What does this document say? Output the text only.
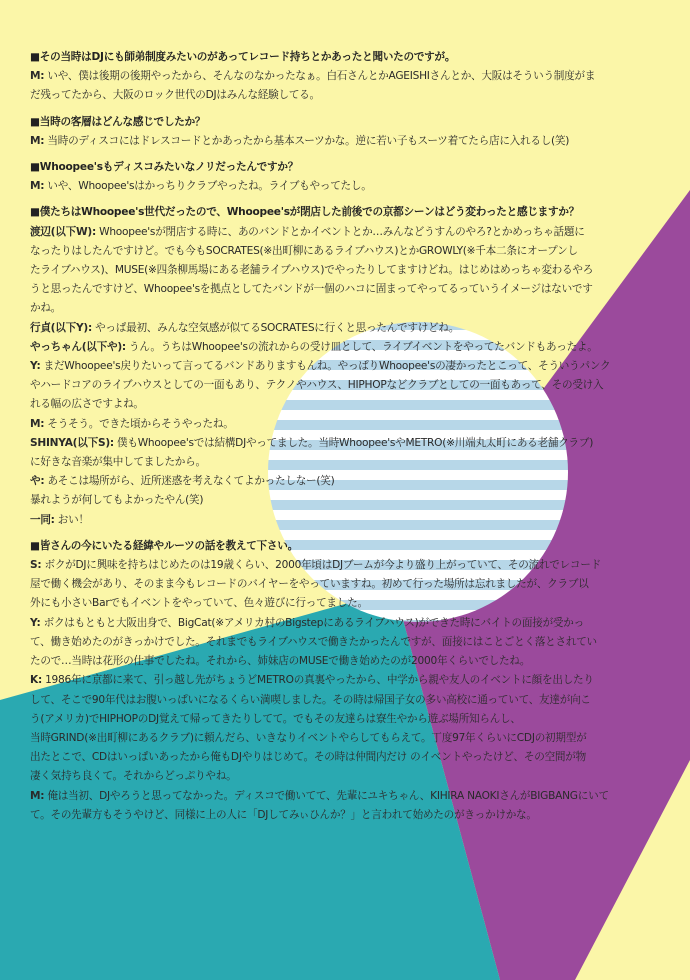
■ その当時はDJにも師弟制度みたいのがあってレコード持ちとかあったと聞いたのですが。

M: いや、僕は後期の後期やったから、そんなのなかったなぁ。白石さんとかAGEISHIさんとか、大阪はそういう制度がま

だ残ってたから、大阪のロック世代のDJはみんな経験してる。

■ 当時の客層はどんな感じでしたか？

M: 当時のディスコにはドレスコードとかあったから基本スーツかな。逆に若い子もスーツ着てたら店に入れるし(笑)

■ Whoopee'sもディスコみたいなノリだったんですか？

M: いや、Whoopee'sはかっちりクラブやったね。ライブもやってたし。

■ 僕たちはWhoopee's世代だったので、Whoopee'sが閉店した前後での京都シーンはどう変わったと感じますか？

渡辺(以下W): Whoopee'sが閉店する時に、あのバンドとかイベントとか…みんなどうすんのやろ?とかめっちゃ話題に

なったりはしたんですけど。でも今もSOCRATES(※出町柳にあるライブハウス)とかGROWLY(※千本二条にオープンし

たライブハウス)、MUSE(※四条柳馬場にある老舗ライブハウス)でやったりしてますけどね。はじめはめっちゃ変わるやろ

うと思ったんですけど、Whoopee'sを拠点としてたバンドが一個のハコに固まってやってるっていうイメージはないです

かね。

行貞(以下Y): やっぱ最初、みんな空気感が似てるSOCRATESに行くと思ったんですけどね。

やっちゃん(以下や): うん。うちはWhoopee'sの流れからの受け皿として、ライブイベントをやってたバンドもあったよ。

Y: まだWhoopee's戻りたいって言ってるバンドありますもんね。やっぱりWhoopee'sの凄かったとこって、そういうパンク

やハードコアのライブハウスとしての一面もあり、テクノやハウス、HIPHOPなどクラブとしての一面もあって、その受け入

れる幅の広さですよね。

M: そうそう。できた頃からそうやったね。

SHINYA(以下S): 僕もWhoopee'sでは結構DJやってました。当時Whoopee'sやMETRO(※川端丸太町にある老舗クラブ)

に好きな音楽が集中してましたから。

や: あそこは場所がら、近所迷惑を考えなくてよかったしなー(笑)

暴れようが何してもよかったやん(笑)

一同: おい！

■ 皆さんの今にいたる経緯やルーツの話を教えて下さい。

S: ボクがDJに興味を持ちはじめたのは19歳くらい、2000年頃はDJブームが今より盛り上がっていて、その流れでレコード

屋で働く機会があり、そのまま今もレコードのバイヤーをやっていますね。初めて行った場所は忘れましたが、クラブ以

外にも小さいBarでもイベントをやっていて、色々遊びに行ってました。

Y: ボクはもともと大阪出身で、BigCat(※アメリカ村のBigstepにあるライブハウス)ができた時にバイトの面接が受かっ

て、働き始めたのがきっかけでした。それまでもライブハウスで働きたかったんですが、面接にはことごとく落とされてい

たので…当時は花形の仕事でしたね。それから、姉妹店のMUSEで働き始めたのが2000年くらいでしたね。

K: 1986年に京都に来て、引っ越し先がちょうどMETROの真裏やったから、中学から親や友人のイベントに顔を出したり

して、そこで90年代はお腹いっぱいになるくらい満喫しました。その時は帰国子女の多い高校に通っていて、友達が向こ

う(アメリカ)でHIPHOPのDJ覚えて帰ってきたりしてて。でもその友達らは寮生やから遊ぶ場所知らんし、

当時GRIND(※出町柳にあるクラブ)に頼んだら、いきなりイベントやらしてもらえて。丁度97年くらいにCDJの初期型が

出たとこで、CDはいっぱいあったから俺もDJやりはじめて。その時は仲間内だけ のイベントやったけど、その空間が物

凄く気持ち良くて。それからどっぷりやね。

M: 俺は当初、DJやろうと思ってなかった。ディスコで働いてて、先輩にユキちゃん、KIHIRA NAOKIさんがBIGBANGにいて

て。その先輩方もそうやけど、同様に上の人に「DJしてみぃひんか？」と言われて始めたのがきっかけかな。
